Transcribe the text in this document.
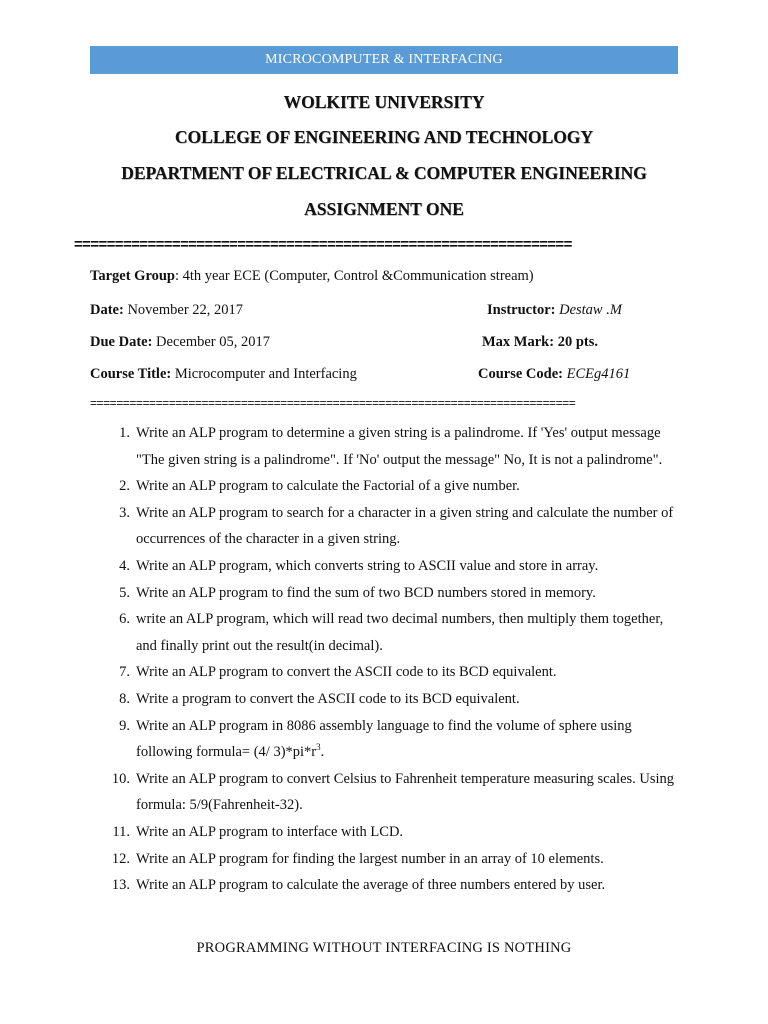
MICROCOMPUTER & INTERFACING
WOLKITE UNIVERSITY
COLLEGE OF ENGINEERING AND TECHNOLOGY
DEPARTMENT OF ELECTRICAL & COMPUTER ENGINEERING
ASSIGNMENT ONE
=============================================================
Target Group: 4th year ECE (Computer, Control &Communication stream)
Date: November 22, 2017	Instructor: Destaw .M
Due Date: December 05, 2017	Max Mark: 20 pts.
Course Title: Microcomputer and Interfacing	Course Code: ECEg4161
==========================================================================
1. Write an ALP program to determine a given string is a palindrome. If 'Yes' output message "The given string is a palindrome". If 'No' output the message" No, It is not a palindrome".
2. Write an ALP program to calculate the Factorial of a give number.
3. Write an ALP program to search for a character in a given string and calculate the number of occurrences of the character in a given string.
4. Write an ALP program, which converts string to ASCII value and store in array.
5. Write an ALP program to find the sum of two BCD numbers stored in memory.
6. write an ALP program, which will read two decimal numbers, then multiply them together, and finally print out the result(in decimal).
7. Write an ALP program to convert the ASCII code to its BCD equivalent.
8. Write a program to convert the ASCII code to its BCD equivalent.
9. Write an ALP program in 8086 assembly language to find the volume of sphere using following formula= (4/ $3)*pi*r^3$.
10. Write an ALP program to convert Celsius to Fahrenheit temperature measuring scales. Using formula: 5/9(Fahrenheit-32).
11. Write an ALP program to interface with LCD.
12. Write an ALP program for finding the largest number in an array of 10 elements.
13. Write an ALP program to calculate the average of three numbers entered by user.
PROGRAMMING WITHOUT INTERFACING IS NOTHING
